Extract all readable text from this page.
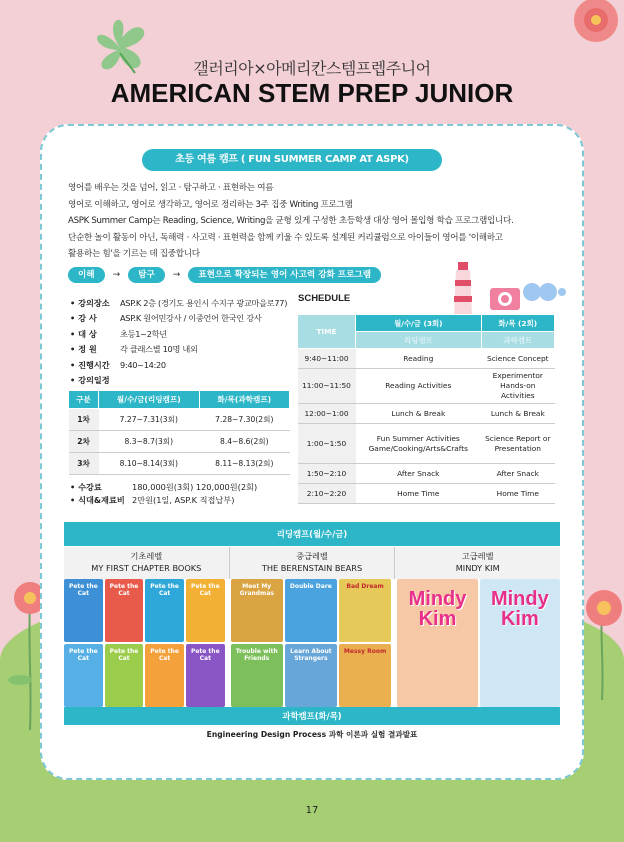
갤러리아×아메리칸스템프렙주니어
AMERICAN STEM PREP JUNIOR
초등 여름 캠프 ( FUN SUMMER CAMP AT ASPK)
영어를 배우는 것을 넘어, 읽고 · 탐구하고 · 표현하는 여름
영어로 이해하고, 영어로 생각하고, 영어로 정리하는 3주 집중 Writing 프로그램
ASPK Summer Camp는 Reading, Science, Writing을 균형 있게 구성한 초등학생 대상 영어 몰입형 학습 프로그램입니다.
단순한 놀이 활동이 아닌, 독해력 · 사고력 · 표현력을 함께 키울 수 있도록 설계된 커리큘럼으로 아이들이 영어를 '이해하고
활용하는 힘'을 기르는 데 집중합니다
이해	→	탐구	→	표현으로 확장되는 영어 사고력 강화 프로그램
• 강의장소	ASP.K 2층 (경기도 용인시 수지구 광교마을로77)
• 강 사	ASP.K 원어민강사 / 이중언어 한국인 강사
• 대 상	초등1~2학년
• 정 원	각 클래스별 10명 내외
• 진행시간	9:40~14:20
• 강의일정
구분	월/수/금(리딩캠프)	화/목(과학캠프)
1차	7.27~7.31(3회)	7.28~7.30(2회)
2차	8.3~8.7(3회)	8.4~8.6(2회)
3차	8.10~8.14(3회)	8.11~8.13(2회)
• 수강료	180,000원(3회) 120,000원(2회)
• 식대&재료비 2만원(1일, ASP.K 직접납부)
SCHEDULE
TIME	월/수/금 (3회)	화/목 (2회)
	리딩캠프	과학캠프
9:40~11:00	Reading	Science Concept
11:00~11:50	Reading Activities	Experimentor Hands-on Activities
12:00~1:00	Lunch & Break	Lunch & Break
1:00~1:50	Fun Summer Activities Game/Cooking/Arts&Crafts	Science Report or Presentation
1:50~2:10	After Snack	After Snack
2:10~2:20	Home Time	Home Time
리딩캠프(월/수/금)
기초레벨
MY FIRST CHAPTER BOOKS
중급레벨
THE BERENSTAIN BEARS
고급레벨
MINDY KIM
Pete the Cat
Pete the Cat
Pete the Cat
Pete the Cat
Pete the Cat
Pete the Cat
Pete the Cat
Pete the Cat
Meet My Grandmas
Double Dare	Bad Dream
Trouble with Friends
Learn About Strangers
Messy Room
Mindy Kim
Mindy Kim
과학캠프(화/목)
Engineering Design Process 과학 이론과 실험 결과발표
17
